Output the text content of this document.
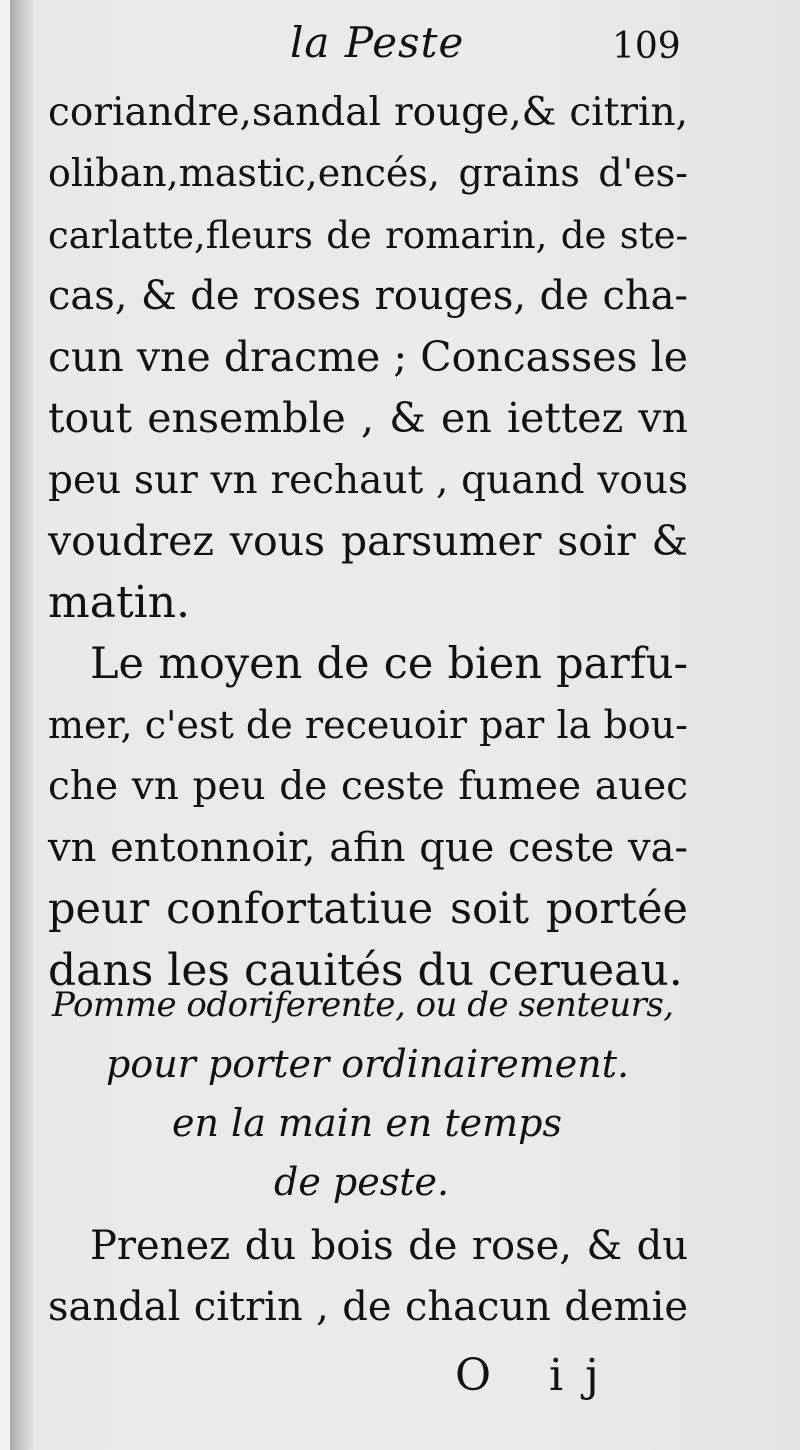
la Peste	109
coriandre,sandal rouge,& citrin,
oliban,mastic,encés, grains d'es-
carlatte,fleurs de romarin, de ste-
cas, & de roses rouges, de cha-
cun vne dracme ; Concasses le
tout ensemble , & en iettez vn
peu sur vn rechaut , quand vous
voudrez vous parsumer soir &
matin.
Le moyen de ce bien parfu-
mer, c'est de receuoir par la bou-
che vn peu de ceste fumee auec
vn entonnoir, afin que ceste va-
peur confortatiue soit portée
dans les cauités du cerueau.
Pomme odoriferente, ou de senteurs,
pour porter ordinairement.
en la main en temps
de peste.
Prenez du bois de rose, & du
sandal citrin , de chacun demie
O ij
